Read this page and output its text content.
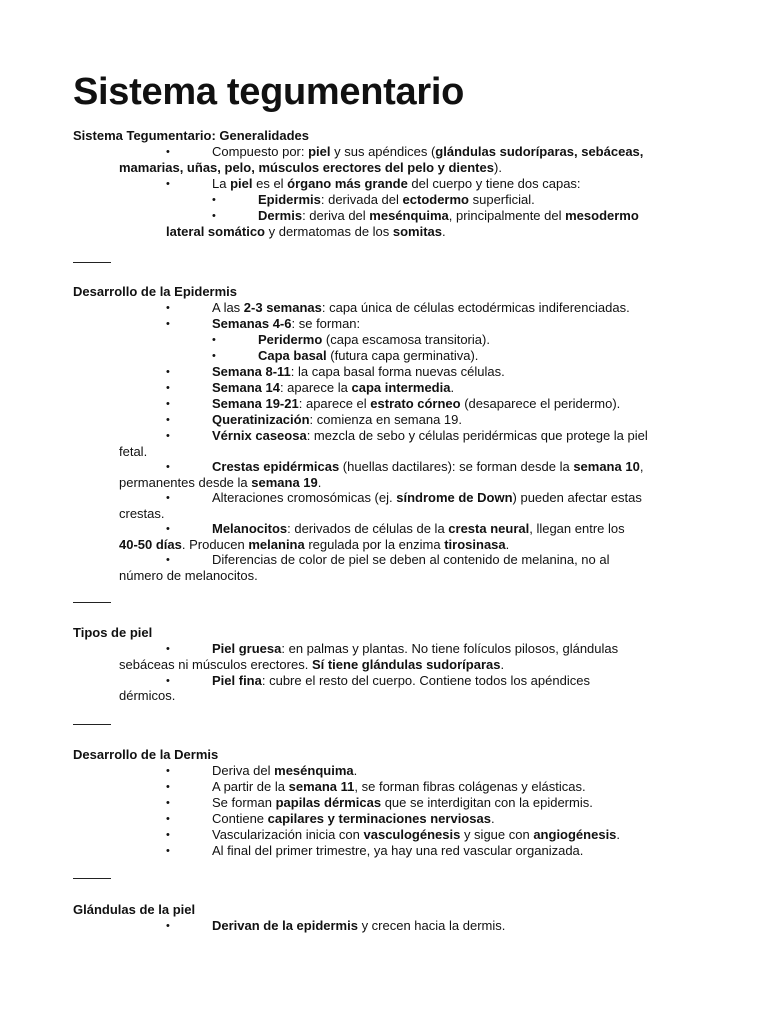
Sistema tegumentario
Sistema Tegumentario: Generalidades
•	Compuesto por: piel y sus apéndices (glándulas sudoríparas, sebáceas,
mamarias, uñas, pelo, músculos erectores del pelo y dientes).
•	La piel es el órgano más grande del cuerpo y tiene dos capas:
•	Epidermis: derivada del ectodermo superficial.
•	Dermis: deriva del mesénquima, principalmente del mesodermo
lateral somático y dermatomas de los somitas.
Desarrollo de la Epidermis
•	A las 2-3 semanas: capa única de células ectodérmicas indiferenciadas.
•	Semanas 4-6: se forman:
•	Peridermo (capa escamosa transitoria).
•	Capa basal (futura capa germinativa).
•	Semana 8-11: la capa basal forma nuevas células.
•	Semana 14: aparece la capa intermedia.
•	Semana 19-21: aparece el estrato córneo (desaparece el peridermo).
•	Queratinización: comienza en semana 19.
•	Vérnix caseosa: mezcla de sebo y células peridérmicas que protege la piel
fetal.
•	Crestas epidérmicas (huellas dactilares): se forman desde la semana 10,
permanentes desde la semana 19.
•	Alteraciones cromosómicas (ej. síndrome de Down) pueden afectar estas
crestas.
•	Melanocitos: derivados de células de la cresta neural, llegan entre los
40-50 días. Producen melanina regulada por la enzima tirosinasa.
•	Diferencias de color de piel se deben al contenido de melanina, no al
número de melanocitos.
Tipos de piel
•	Piel gruesa: en palmas y plantas. No tiene folículos pilosos, glándulas
sebáceas ni músculos erectores. Sí tiene glándulas sudoríparas.
•	Piel fina: cubre el resto del cuerpo. Contiene todos los apéndices
dérmicos.
Desarrollo de la Dermis
•	Deriva del mesénquima.
•	A partir de la semana 11, se forman fibras colágenas y elásticas.
•	Se forman papilas dérmicas que se interdigitan con la epidermis.
•	Contiene capilares y terminaciones nerviosas.
•	Vascularización inicia con vasculogénesis y sigue con angiogénesis.
•	Al final del primer trimestre, ya hay una red vascular organizada.
Glándulas de la piel
•	Derivan de la epidermis y crecen hacia la dermis.
